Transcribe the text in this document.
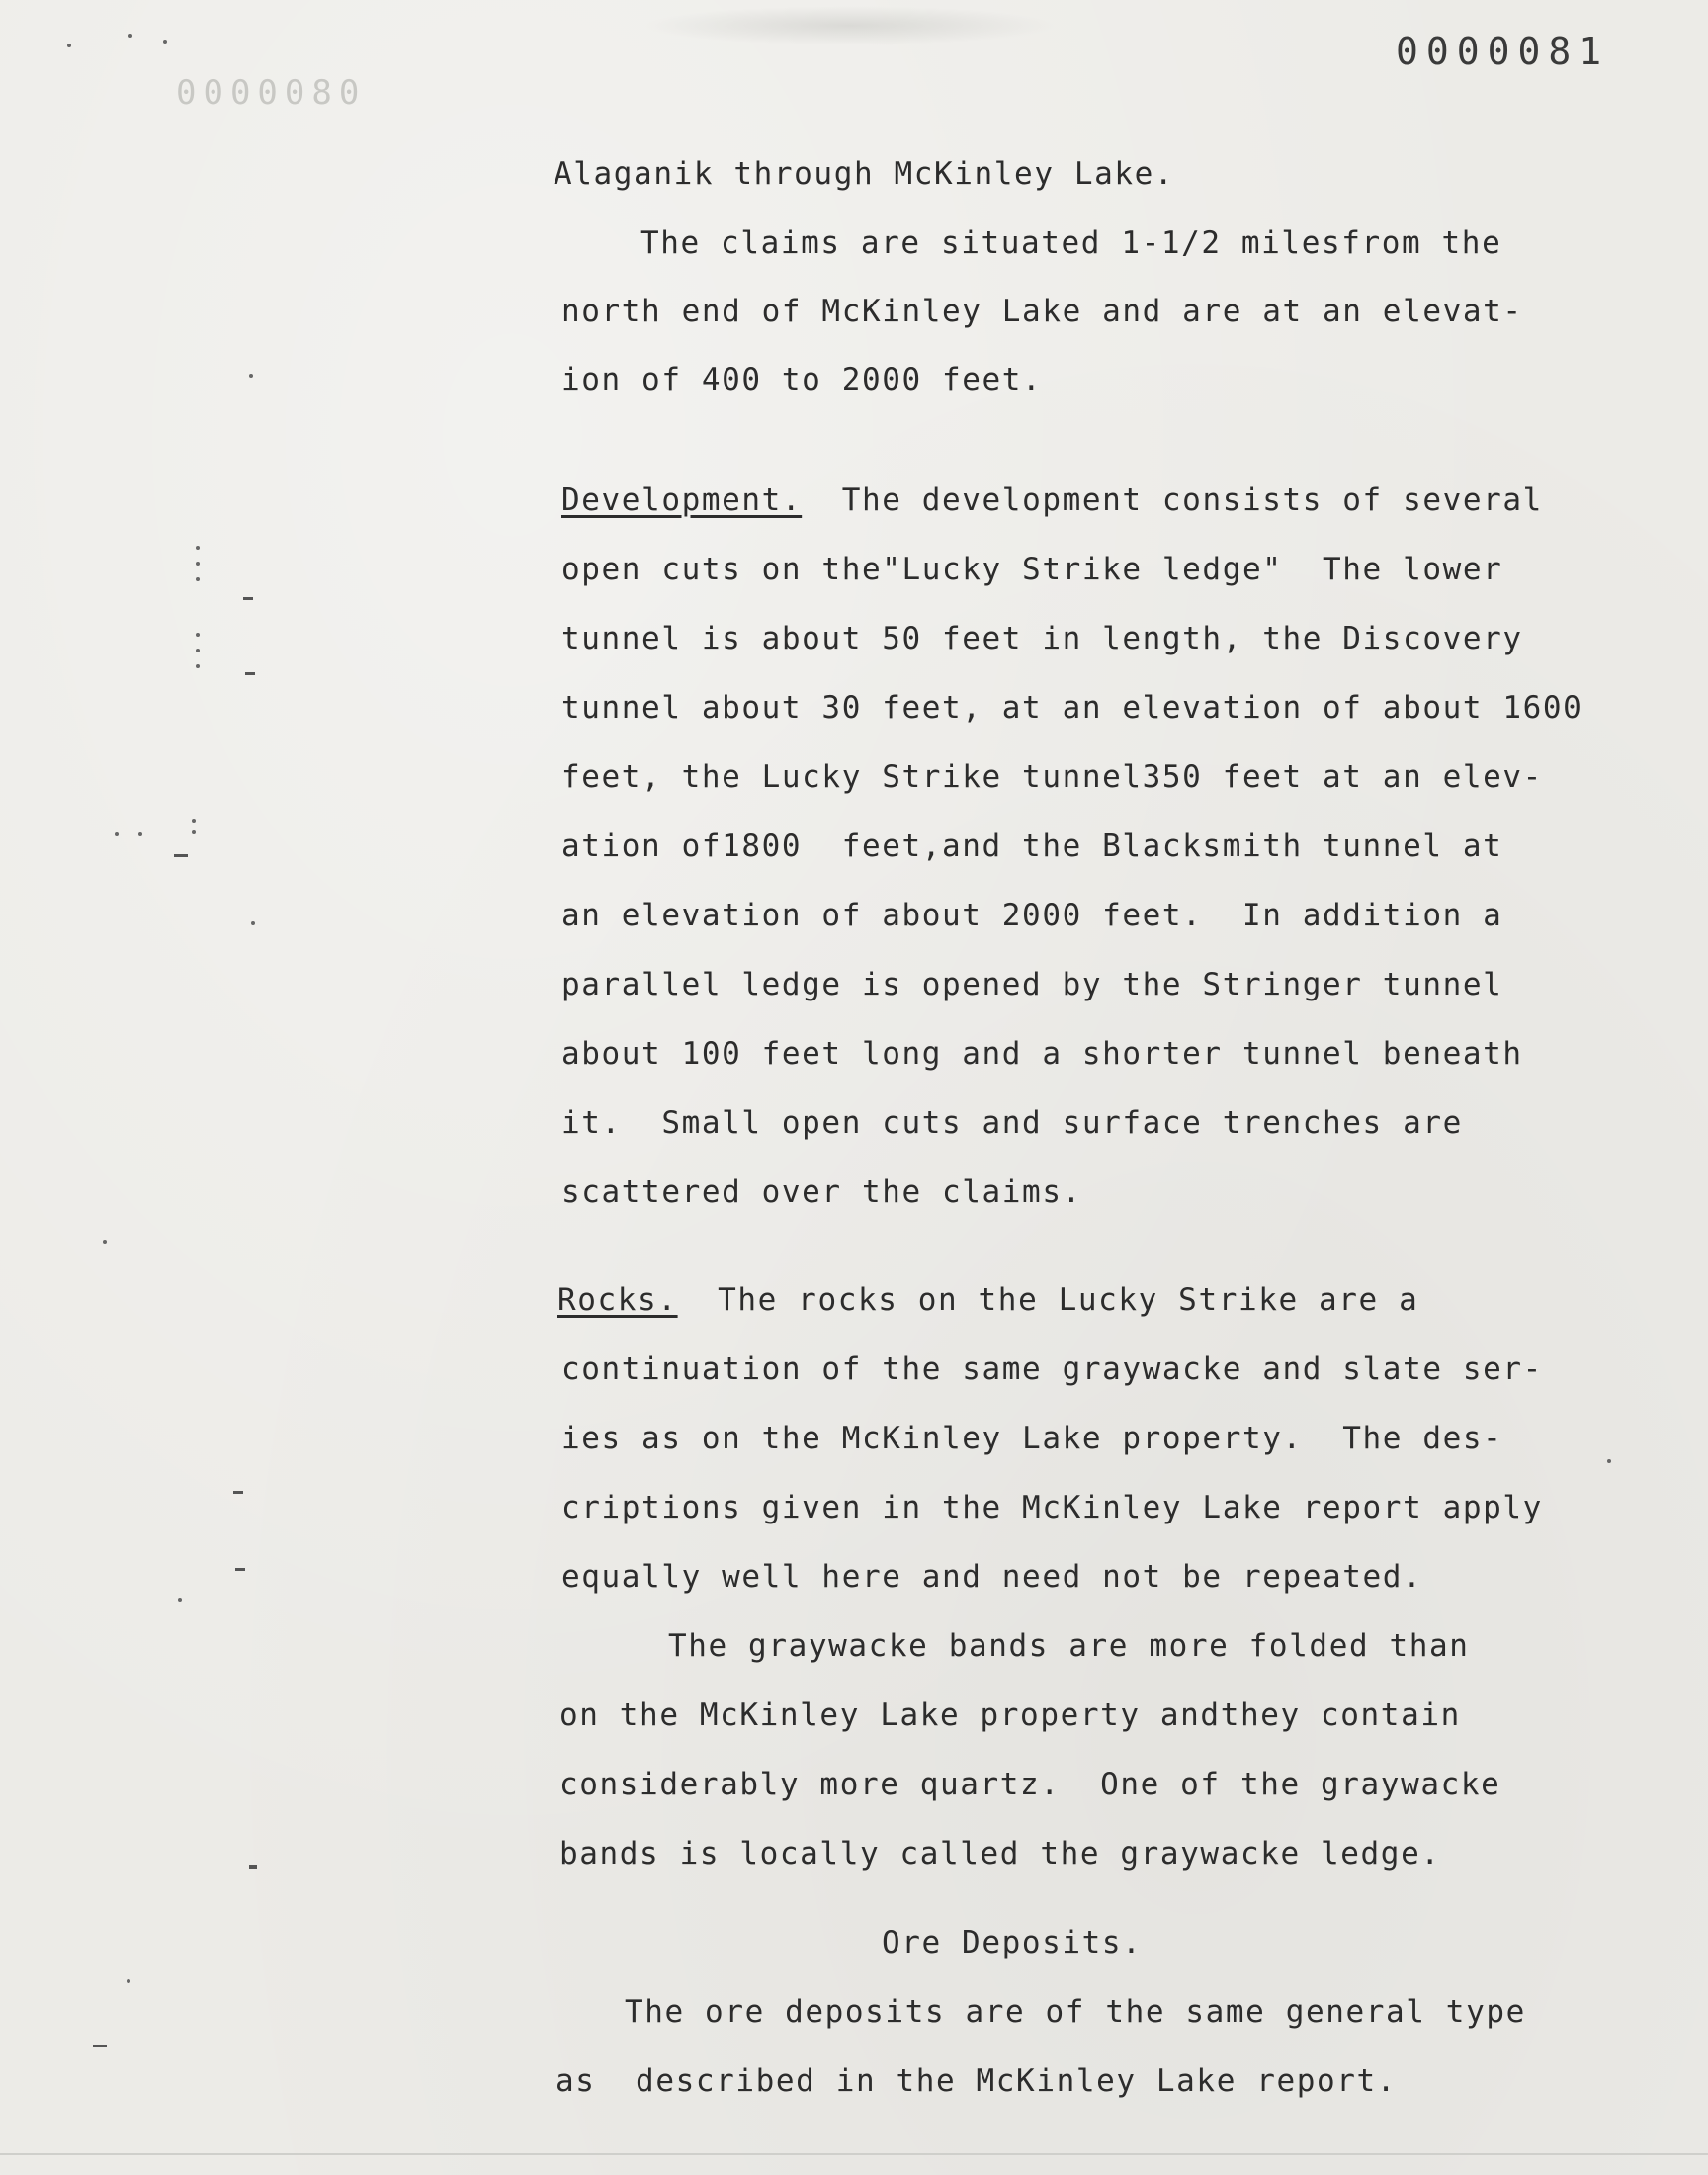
0000080
0000081
Alaganik through McKinley Lake.
The claims are situated 1-1/2 milesfrom the
north end of McKinley Lake and are at an elevat-
ion of 400 to 2000 feet.
Development.  The development consists of several
open cuts on the"Lucky Strike ledge"  The lower
tunnel is about 50 feet in length, the Discovery
tunnel about 30 feet, at an elevation of about 1600
feet, the Lucky Strike tunnel350 feet at an elev-
ation of1800  feet,and the Blacksmith tunnel at
an elevation of about 2000 feet.  In addition a
parallel ledge is opened by the Stringer tunnel
about 100 feet long and a shorter tunnel beneath
it.  Small open cuts and surface trenches are
scattered over the claims.
Rocks.  The rocks on the Lucky Strike are a
continuation of the same graywacke and slate ser-
ies as on the McKinley Lake property.  The des-
criptions given in the McKinley Lake report apply
equally well here and need not be repeated.
The graywacke bands are more folded than
on the McKinley Lake property andthey contain
considerably more quartz.  One of the graywacke
bands is locally called the graywacke ledge.
Ore Deposits.
The ore deposits are of the same general type
as  described in the McKinley Lake report.
